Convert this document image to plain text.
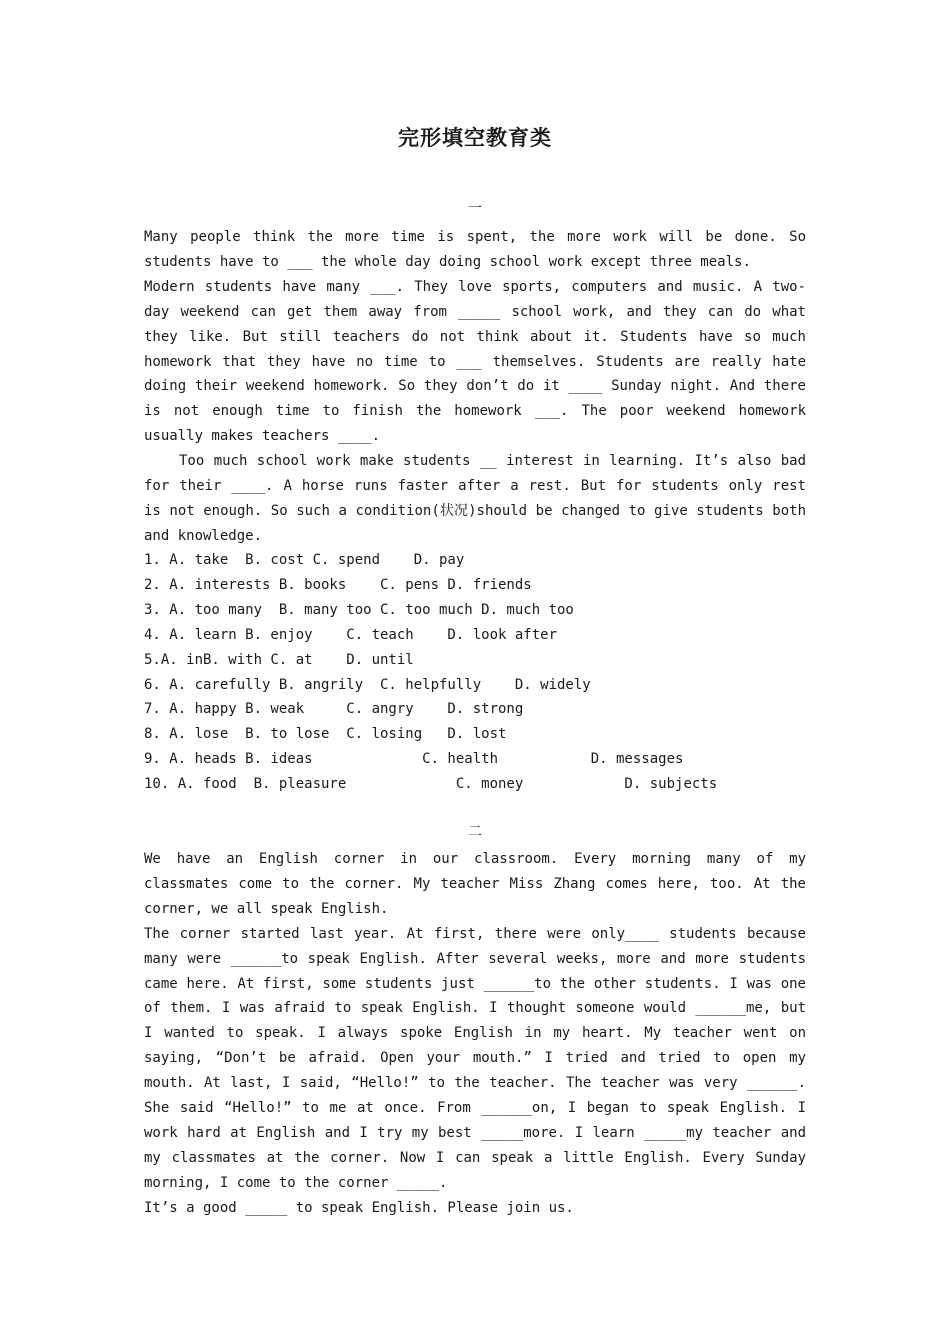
完形填空教育类
一
Many people think the more time is spent, the more work will be done. So students have to ___ the whole day doing school work except three meals.
Modern students have many ___. They love sports, computers and music. A two-day weekend can get them away from _____ school work, and they can do what they like. But still teachers do not think about it. Students have so much homework that they have no time to ___ themselves. Students are really hate doing their weekend homework. So they don’t do it ____ Sunday night. And there is not enough time to finish the homework ___. The poor weekend homework usually makes teachers ____.
Too much school work make students __ interest in learning. It’s also bad for their ____. A horse runs faster after a rest. But for students only rest is not enough. So such a condition(状况)should be changed to give students both and knowledge.
1. A. take  B. cost C. spend    D. pay
2. A. interests B. books    C. pens D. friends
3. A. too many  B. many too C. too much D. much too
4. A. learn B. enjoy    C. teach    D. look after
5.A. inB. with C. at    D. until
6. A. carefully B. angrily  C. helpfully    D. widely
7. A. happy B. weak     C. angry    D. strong
8. A. lose  B. to lose  C. losing   D. lost
9. A. heads B. ideas             C. health           D. messages
10. A. food  B. pleasure             C. money            D. subjects
二
We have an English corner in our classroom. Every morning many of my classmates come to the corner. My teacher Miss Zhang comes here, too. At the corner, we all speak English.
The corner started last year. At first, there were only____ students because many were ______to speak English. After several weeks, more and more students came here. At first, some students just ______to the other students. I was one of them. I was afraid to speak English. I thought someone would ______me, but I wanted to speak. I always spoke English in my heart. My teacher went on saying, “Don’t be afraid. Open your mouth.” I tried and tried to open my mouth. At last, I said, “Hello!” to the teacher. The teacher was very ______. She said “Hello!” to me at once. From ______on, I began to speak English. I work hard at English and I try my best _____more. I learn _____my teacher and my classmates at the corner. Now I can speak a little English. Every Sunday morning, I come to the corner _____.
It’s a good _____ to speak English. Please join us.
